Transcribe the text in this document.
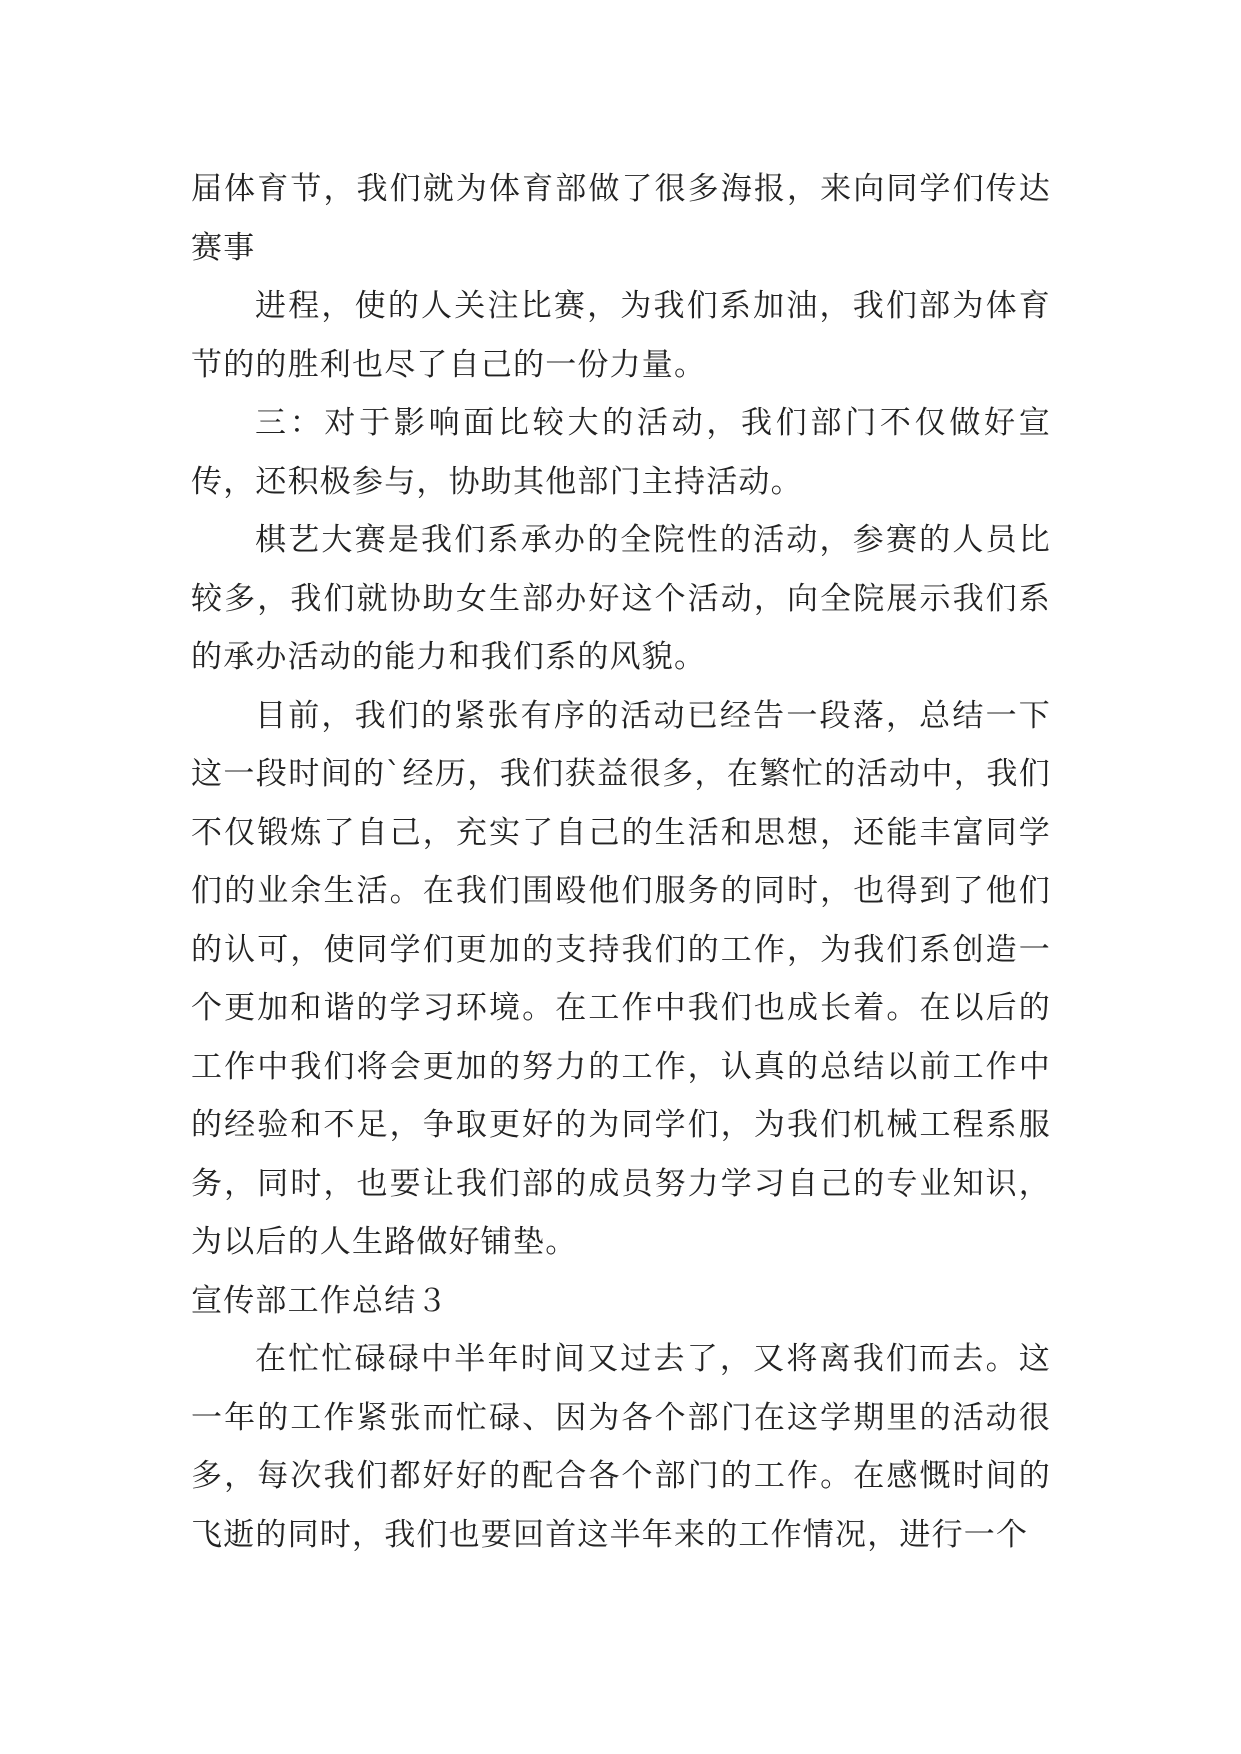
届体育节，我们就为体育部做了很多海报，来向同学们传达赛事

进程，使的人关注比赛，为我们系加油，我们部为体育节的的胜利也尽了自己的一份力量。

三：对于影响面比较大的活动，我们部门不仅做好宣传，还积极参与，协助其他部门主持活动。

棋艺大赛是我们系承办的全院性的活动，参赛的人员比较多，我们就协助女生部办好这个活动，向全院展示我们系的承办活动的能力和我们系的风貌。

目前，我们的紧张有序的活动已经告一段落，总结一下这一段时间的`经历，我们获益很多，在繁忙的活动中，我们不仅锻炼了自己，充实了自己的生活和思想，还能丰富同学们的业余生活。在我们围殴他们服务的同时，也得到了他们的认可，使同学们更加的支持我们的工作，为我们系创造一个更加和谐的学习环境。在工作中我们也成长着。在以后的工作中我们将会更加的努力的工作，认真的总结以前工作中的经验和不足，争取更好的为同学们，为我们机械工程系服务，同时，也要让我们部的成员努力学习自己的专业知识，为以后的人生路做好铺垫。

宣传部工作总结３

在忙忙碌碌中半年时间又过去了，又将离我们而去。这一年的工作紧张而忙碌、因为各个部门在这学期里的活动很多，每次我们都好好的配合各个部门的工作。在感慨时间的飞逝的同时，我们也要回首这半年来的工作情况，进行一个
